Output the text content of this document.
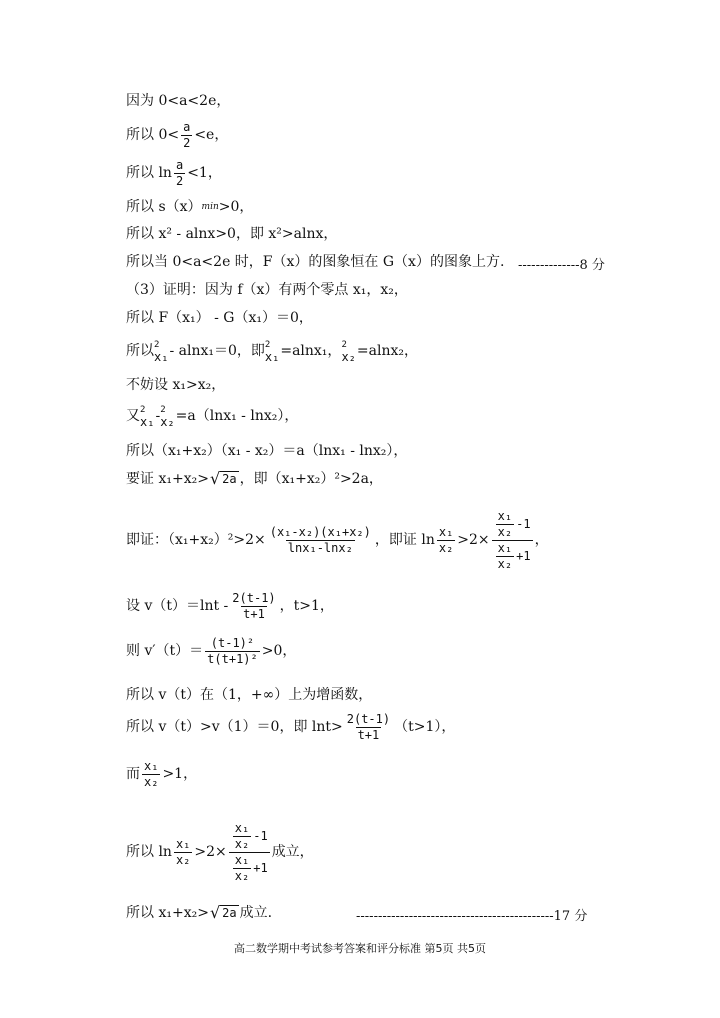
因为 0<a<2e，
所以 $0< \frac{a}{2} <e$，
所以 $\ln \frac{a}{2} <1$，
所以 s（x） min >0，
所以 x² - alnx>0，即 x²>alnx，
所以当 0<a<2e 时，F（x）的图象恒在 G（x）的图象上方. --------------8 分
（3）证明：因为 f（x）有两个零点 x₁，x₂，
所以 F（x₁） - G（x₁）＝0，
所以 2
x₁ - alnx₁＝0，即 2
x₁ =alnx₁， 2
x₂ =alnx₂，
不妨设 x₁>x₂，
又 2
x₁ - 2
x₂ =a（lnx₁ - lnx₂），
所以（x₁+x₂）（x₁ - x₂）＝a（lnx₁ - lnx₂），
要证 x₁+x₂> √ 2a ，即（x₁+x₂）²>2a，
即证：$(x_1+x_2)^2>2\times \frac{\text{(x₁-x₂)(x₁+x₂)}}{\text{lnx₁-lnx₂}}$ ，即证 $\ln \frac{\text{x₁}}{\text{x₂}} >2\times \frac{\frac{\text{x₁}}{\text{x₂}} -1}{\frac{\text{x₁}}{\text{x₂}} +1}$ ，
设 $v(t)=\ln t - \frac{2(t-1)}{t+1}$ ，t>1，
则 $v'(t)= \frac{\text{(t-1)²}}{\text{t(t+1)²}} >0$，
所以 v（t）在（1，+∞）上为增函数，
所以 v（t）>v（1）＝0，即 $\ln t> \frac{2(t-1)}{t+1} (t>1)$，
而 $\frac{\text{x₁}}{\text{x₂}} >1$，
所以 $\ln \frac{\text{x₁}}{\text{x₂}} >2\times \frac{\frac{\text{x₁}}{\text{x₂}} -1}{\frac{\text{x₁}}{\text{x₂}} +1}$ 成立，
所以 x₁+x₂> √ 2a 成立.	---------------------------------------------17 分
高二数学期中考试参考答案和评分标准 第5页 共5页
